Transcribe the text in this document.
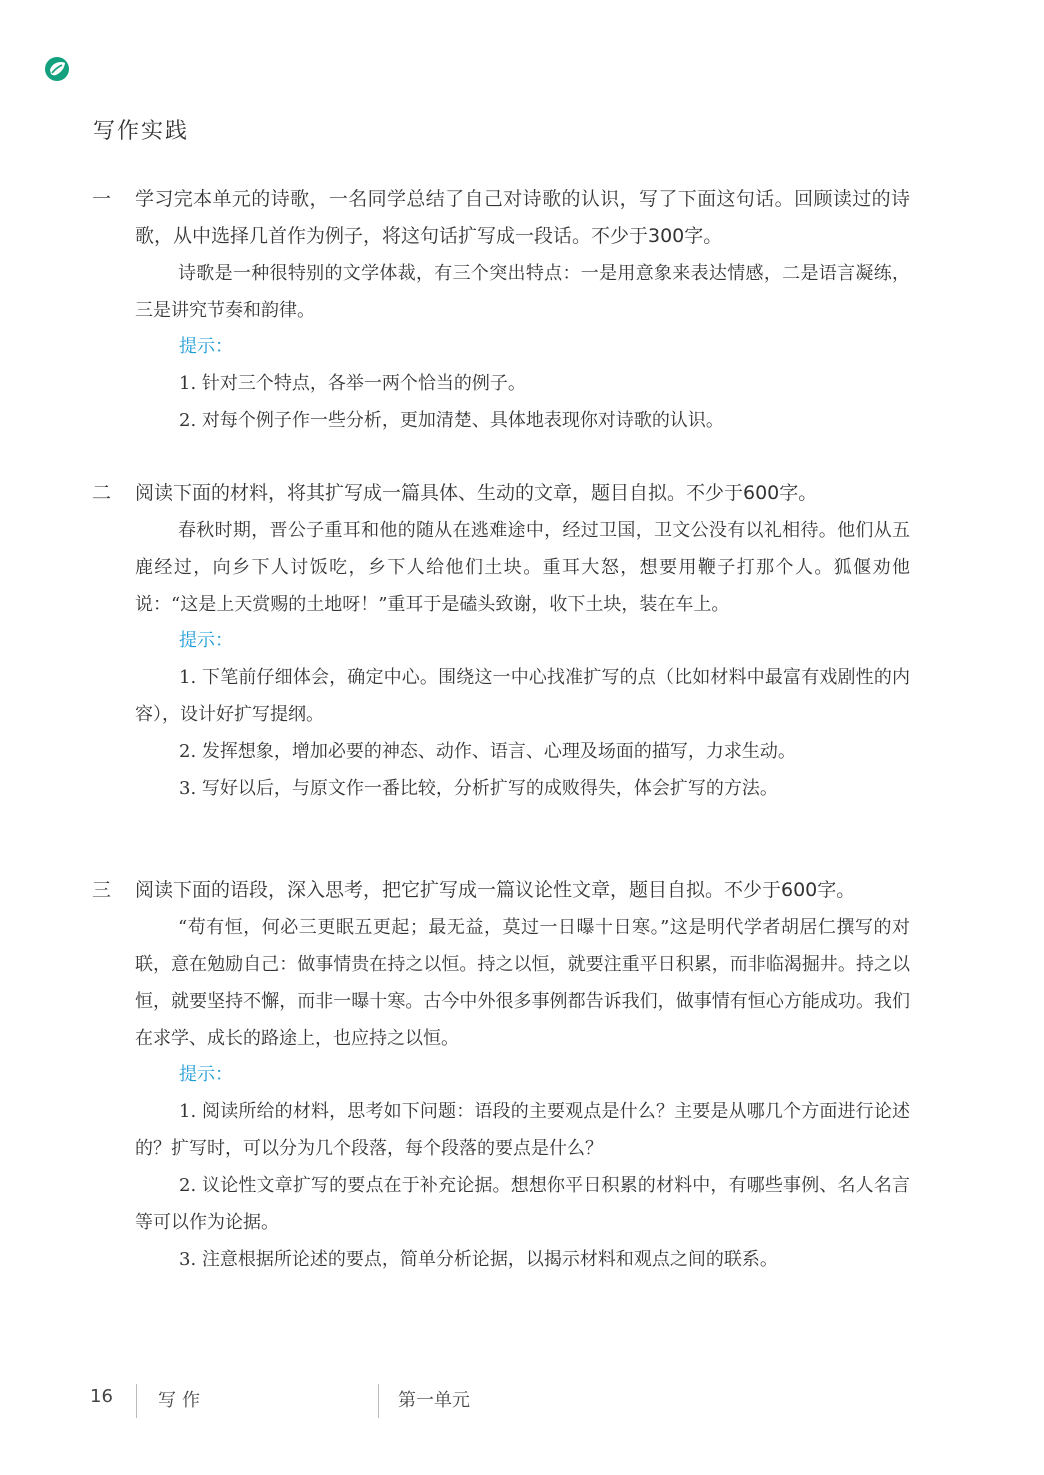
写作实践
一	学习完本单元的诗歌，一名同学总结了自己对诗歌的认识，写了下面这句话。回顾读过的诗歌，从中选择几首作为例子，将这句话扩写成一段话。不少于300字。
诗歌是一种很特别的文学体裁，有三个突出特点：一是用意象来表达情感，二是语言凝练，三是讲究节奏和韵律。
提示：
1. 针对三个特点，各举一两个恰当的例子。
2. 对每个例子作一些分析，更加清楚、具体地表现你对诗歌的认识。
二	阅读下面的材料，将其扩写成一篇具体、生动的文章，题目自拟。不少于600字。
春秋时期，晋公子重耳和他的随从在逃难途中，经过卫国，卫文公没有以礼相待。他们从五鹿经过，向乡下人讨饭吃，乡下人给他们土块。重耳大怒，想要用鞭子打那个人。狐偃劝他说：“这是上天赏赐的土地呀！”重耳于是磕头致谢，收下土块，装在车上。
提示：
1. 下笔前仔细体会，确定中心。围绕这一中心找准扩写的点（比如材料中最富有戏剧性的内容），设计好扩写提纲。
2. 发挥想象，增加必要的神态、动作、语言、心理及场面的描写，力求生动。
3. 写好以后，与原文作一番比较，分析扩写的成败得失，体会扩写的方法。
三	阅读下面的语段，深入思考，把它扩写成一篇议论性文章，题目自拟。不少于600字。
“苟有恒，何必三更眠五更起；最无益，莫过一日曝十日寒。”这是明代学者胡居仁撰写的对联，意在勉励自己：做事情贵在持之以恒。持之以恒，就要注重平日积累，而非临渴掘井。持之以恒，就要坚持不懈，而非一曝十寒。古今中外很多事例都告诉我们，做事情有恒心方能成功。我们在求学、成长的路途上，也应持之以恒。
提示：
1. 阅读所给的材料，思考如下问题：语段的主要观点是什么？主要是从哪几个方面进行论述的？扩写时，可以分为几个段落，每个段落的要点是什么？
2. 议论性文章扩写的要点在于补充论据。想想你平日积累的材料中，有哪些事例、名人名言等可以作为论据。
3. 注意根据所论述的要点，简单分析论据，以揭示材料和观点之间的联系。
16	写作	第一单元
